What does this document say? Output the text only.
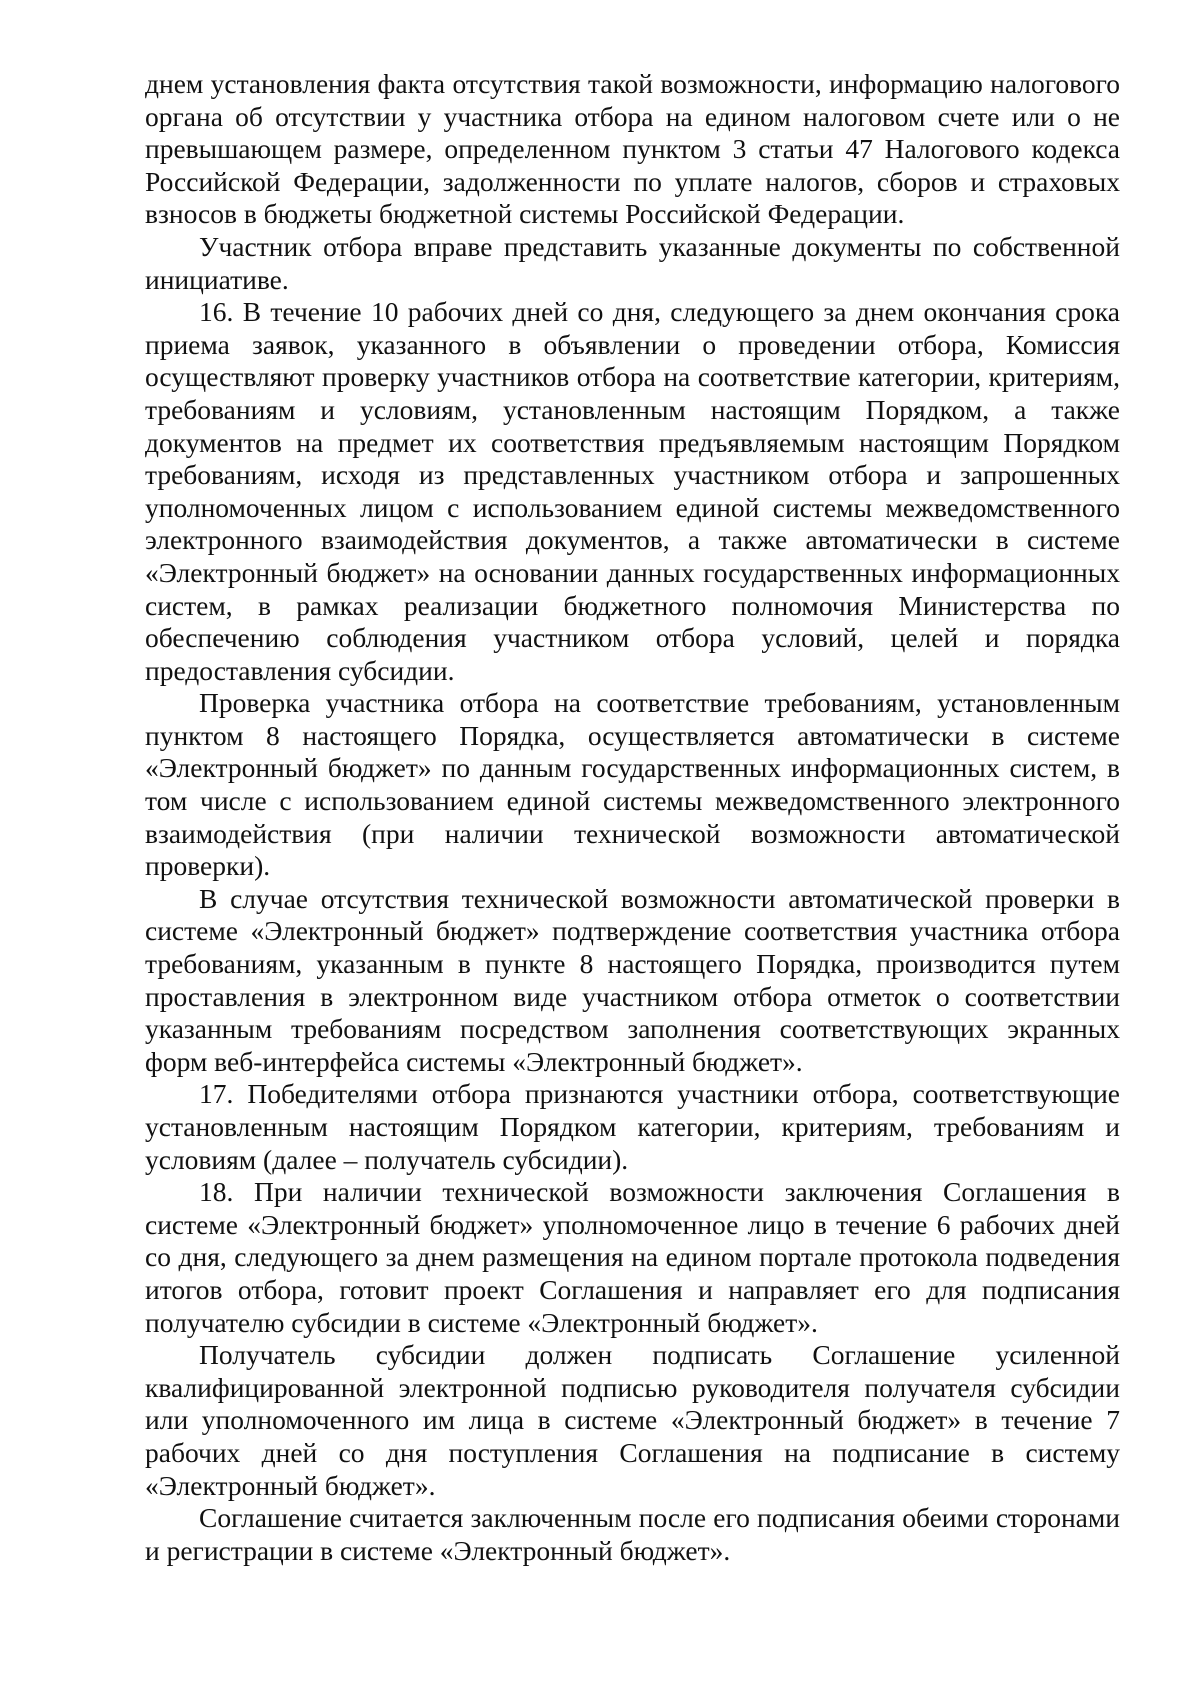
днем установления факта отсутствия такой возможности, информацию налогового органа об отсутствии у участника отбора на едином налоговом счете или о не превышающем размере, определенном пунктом 3 статьи 47 Налогового кодекса Российской Федерации, задолженности по уплате налогов, сборов и страховых взносов в бюджеты бюджетной системы Российской Федерации.

Участник отбора вправе представить указанные документы по собственной инициативе.

16. В течение 10 рабочих дней со дня, следующего за днем окончания срока приема заявок, указанного в объявлении о проведении отбора, Комиссия осуществляют проверку участников отбора на соответствие категории, критериям, требованиям и условиям, установленным настоящим Порядком, а также документов на предмет их соответствия предъявляемым настоящим Порядком требованиям, исходя из представленных участником отбора и запрошенных уполномоченных лицом с использованием единой системы межведомственного электронного взаимодействия документов, а также автоматически в системе «Электронный бюджет» на основании данных государственных информационных систем, в рамках реализации бюджетного полномочия Министерства по обеспечению соблюдения участником отбора условий, целей и порядка предоставления субсидии.

Проверка участника отбора на соответствие требованиям, установленным пунктом 8 настоящего Порядка, осуществляется автоматически в системе «Электронный бюджет» по данным государственных информационных систем, в том числе с использованием единой системы межведомственного электронного взаимодействия (при наличии технической возможности автоматической проверки).

В случае отсутствия технической возможности автоматической проверки в системе «Электронный бюджет» подтверждение соответствия участника отбора требованиям, указанным в пункте 8 настоящего Порядка, производится путем проставления в электронном виде участником отбора отметок о соответствии указанным требованиям посредством заполнения соответствующих экранных форм веб-интерфейса системы «Электронный бюджет».

17. Победителями отбора признаются участники отбора, соответствующие установленным настоящим Порядком категории, критериям, требованиям и условиям (далее – получатель субсидии).

18. При наличии технической возможности заключения Соглашения в системе «Электронный бюджет» уполномоченное лицо в течение 6 рабочих дней со дня, следующего за днем размещения на едином портале протокола подведения итогов отбора, готовит проект Соглашения и направляет его для подписания получателю субсидии в системе «Электронный бюджет».

Получатель субсидии должен подписать Соглашение усиленной квалифицированной электронной подписью руководителя получателя субсидии или уполномоченного им лица в системе «Электронный бюджет» в течение 7 рабочих дней со дня поступления Соглашения на подписание в систему «Электронный бюджет».

Соглашение считается заключенным после его подписания обеими сторонами и регистрации в системе «Электронный бюджет».
